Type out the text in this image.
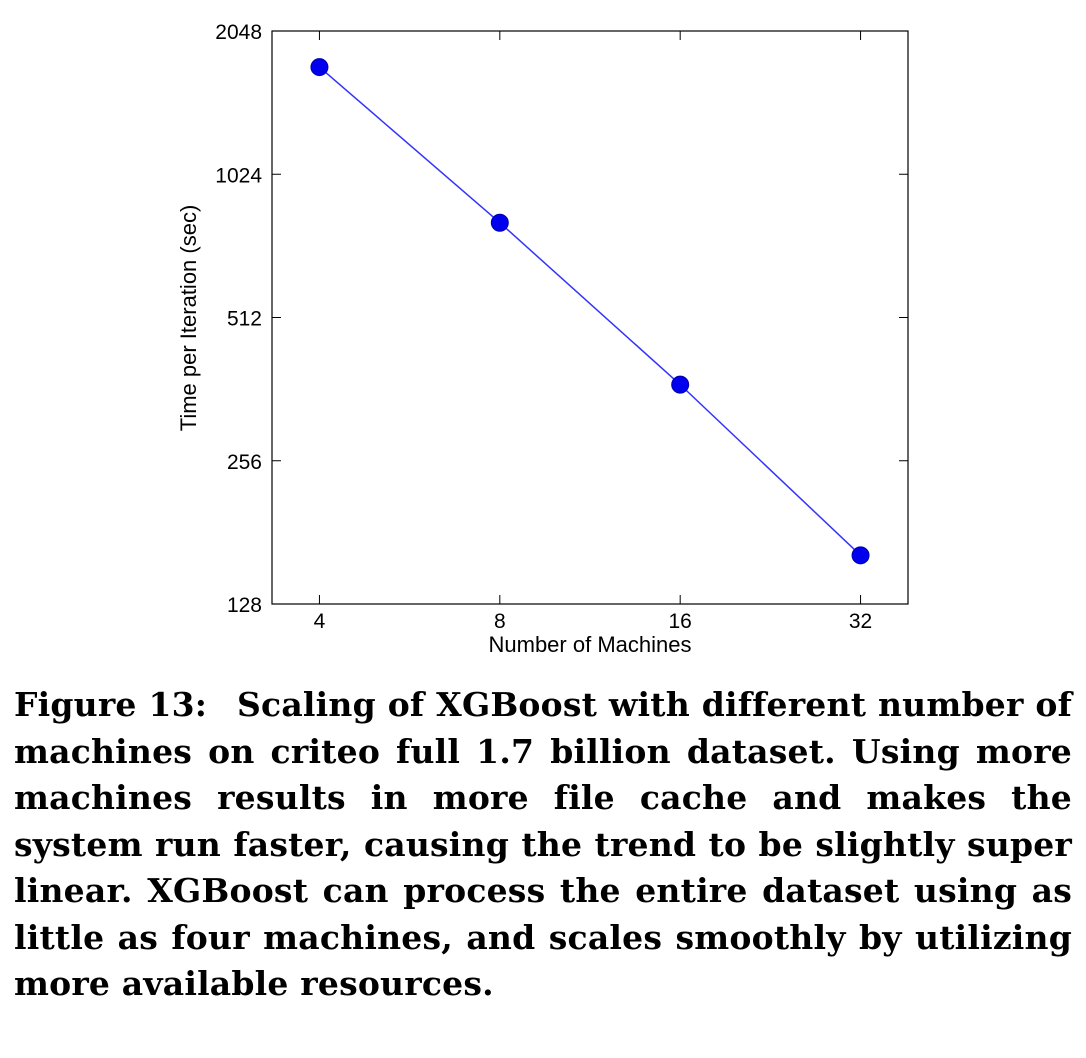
4	8	16	32
128
256
512
1024
2048
Number of Machines
Time per Iteration (sec)
Figure 13: Scaling of XGBoost with different number of machines on criteo full 1.7 billion dataset. Using more machines results in more file cache and makes the system run faster, causing the trend to be slightly super linear. XGBoost can process the entire dataset using as little as four machines, and scales smoothly by utilizing more available resources.
